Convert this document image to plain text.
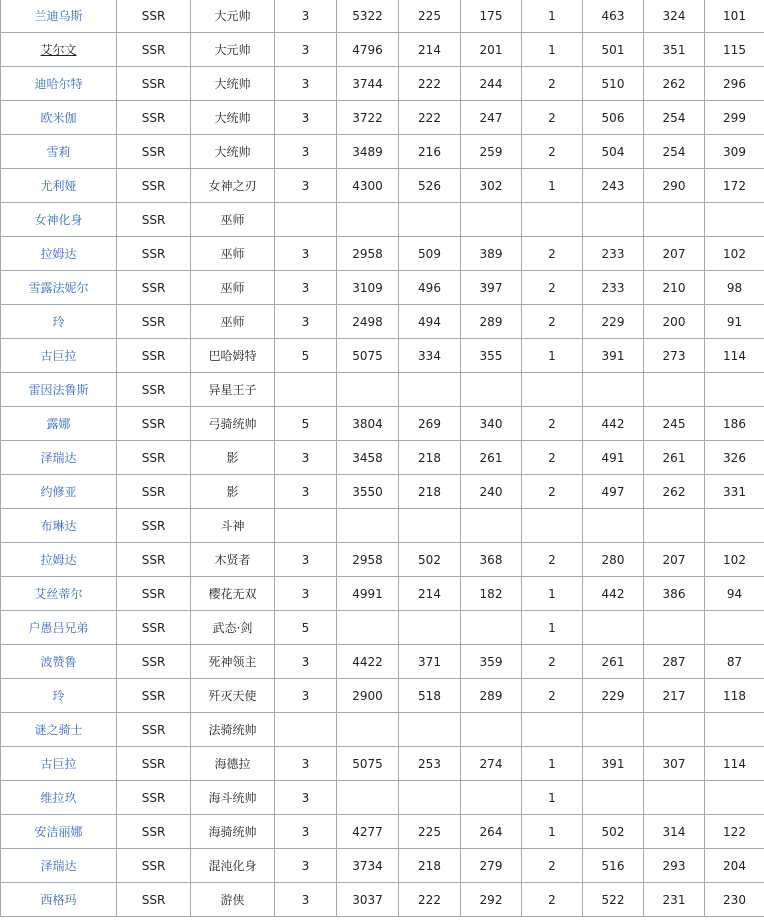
兰迪乌斯	SSR	大元帅	3	5322	225	175	1	463	324	101
艾尔文	SSR	大元帅	3	4796	214	201	1	501	351	115
迪哈尔特	SSR	大统帅	3	3744	222	244	2	510	262	296
欧米伽	SSR	大统帅	3	3722	222	247	2	506	254	299
雪莉	SSR	大统帅	3	3489	216	259	2	504	254	309
尤利娅	SSR	女神之刃	3	4300	526	302	1	243	290	172
女神化身	SSR	巫师								
拉姆达	SSR	巫师	3	2958	509	389	2	233	207	102
雪露法妮尔	SSR	巫师	3	3109	496	397	2	233	210	98
玲	SSR	巫师	3	2498	494	289	2	229	200	91
古巨拉	SSR	巴哈姆特	5	5075	334	355	1	391	273	114
雷因法鲁斯	SSR	异星王子								
露娜	SSR	弓骑统帅	5	3804	269	340	2	442	245	186
泽瑞达	SSR	影	3	3458	218	261	2	491	261	326
约修亚	SSR	影	3	3550	218	240	2	497	262	331
布琳达	SSR	斗神								
拉姆达	SSR	木贤者	3	2958	502	368	2	280	207	102
艾丝蒂尔	SSR	樱花无双	3	4991	214	182	1	442	386	94
户愚吕兄弟	SSR	武态·剑	5				1			
波赞鲁	SSR	死神领主	3	4422	371	359	2	261	287	87
玲	SSR	歼灭天使	3	2900	518	289	2	229	217	118
谜之骑士	SSR	法骑统帅								
古巨拉	SSR	海德拉	3	5075	253	274	1	391	307	114
维拉玖	SSR	海斗统帅	3				1			
安洁丽娜	SSR	海骑统帅	3	4277	225	264	1	502	314	122
泽瑞达	SSR	混沌化身	3	3734	218	279	2	516	293	204
西格玛	SSR	游侠	3	3037	222	292	2	522	231	230
